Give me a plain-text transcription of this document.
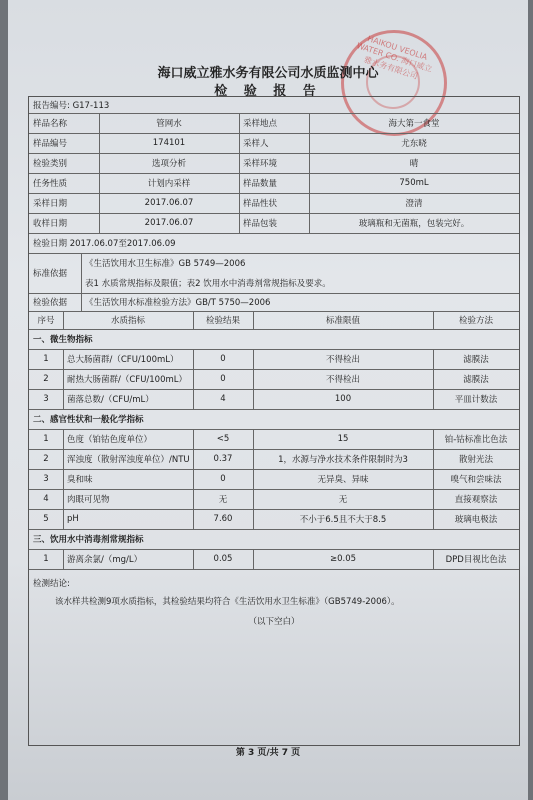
HAIKOU VEOLIA WATER CO. 海口威立雅水务有限公司
海口威立雅水务有限公司水质监测中心
检 验 报 告
报告编号: G17-113
样品名称	管网水	采样地点	海大第一食堂
样品编号	174101	采样人	尤东晓
检验类别	选项分析	采样环境	晴
任务性质	计划内采样	样品数量	750mL
采样日期	2017.06.07	样品性状	澄清
收样日期	2017.06.07	样品包装	玻璃瓶和无菌瓶，包装完好。
检验日期 2017.06.07至2017.06.09
标准依据
《生活饮用水卫生标准》GB 5749—2006
表1 水质常规指标及限值；表2 饮用水中消毒剂常规指标及要求。
检验依据	《生活饮用水标准检验方法》GB/T 5750—2006
序号	水质指标	检验结果	标准限值	检验方法
一、微生物指标
1	总大肠菌群/（CFU/100mL）	0	不得检出	滤膜法
2	耐热大肠菌群/（CFU/100mL）	0	不得检出	滤膜法
3	菌落总数/（CFU/mL）	4	100	平皿计数法
二、感官性状和一般化学指标
1	色度（铂钴色度单位）	<5	15	铂-钴标准比色法
2	浑浊度（散射浑浊度单位）/NTU	0.37	1，水源与净水技术条件限制时为3	散射光法
3	臭和味	0	无异臭、异味	嗅气和尝味法
4	肉眼可见物	无	无	直接观察法
5	pH	7.60	不小于6.5且不大于8.5	玻璃电极法
三、饮用水中消毒剂常规指标
1	游离余氯/（mg/L）	0.05	≥0.05	DPD目视比色法
检测结论:
该水样共检测9项水质指标，其检验结果均符合《生活饮用水卫生标准》（GB5749-2006）。
（以下空白）
第 3 页/共 7 页
